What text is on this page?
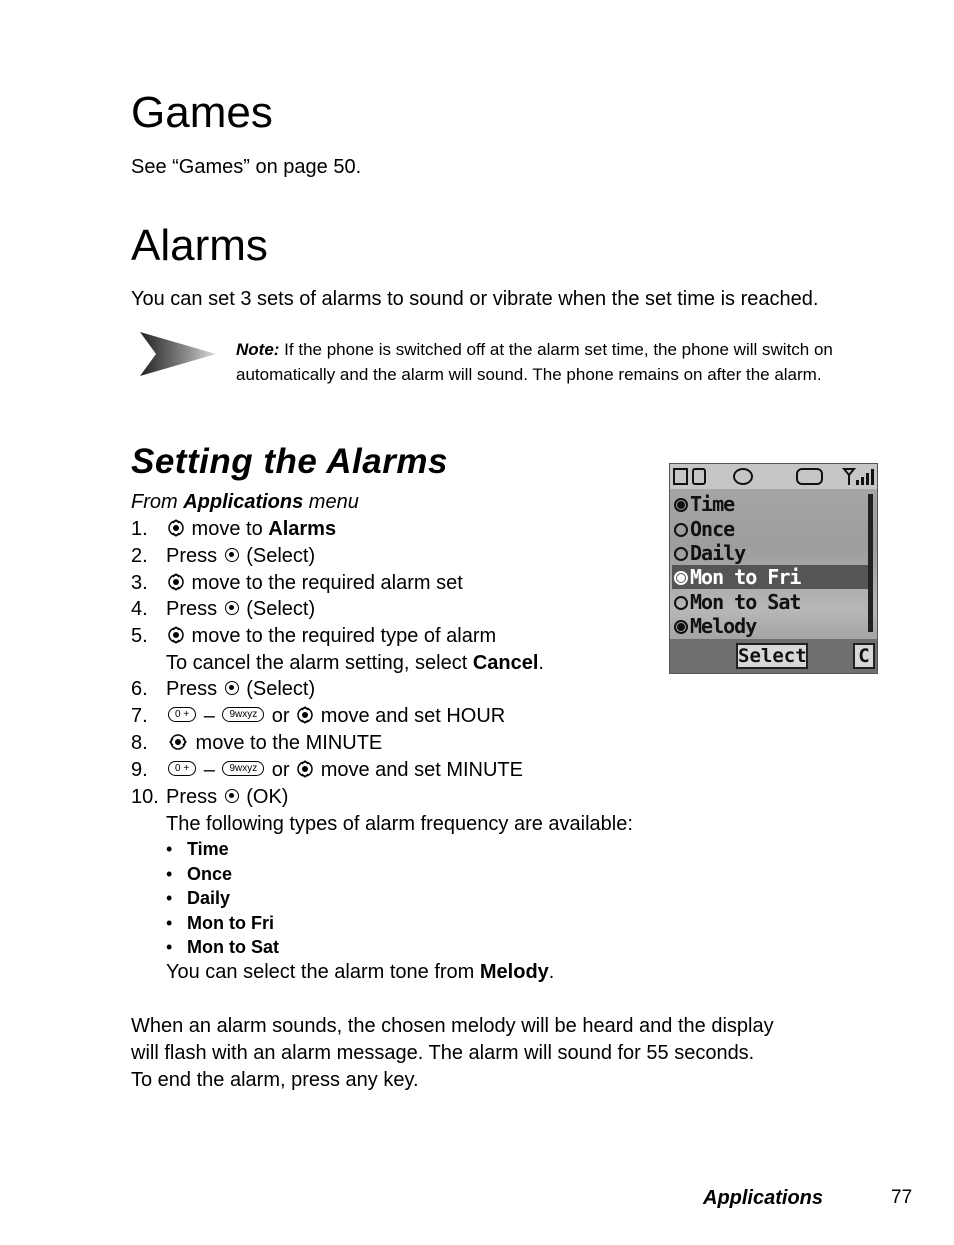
Games
See “Games” on page 50.
Alarms
You can set 3 sets of alarms to sound or vibrate when the set time is reached.
Note: If the phone is switched off at the alarm set time, the phone will switch on automatically and the alarm will sound. The phone remains on after the alarm.
Setting the Alarms
From Applications menu
1.	move to Alarms
2. Press  (Select)
3.	move to the required alarm set
4. Press  (Select)
5.	move to the required type of alarm
To cancel the alarm setting, select Cancel.
6. Press  (Select)
7.	0 + – 9wxyz or  move and set HOUR
8.	move to the MINUTE
9.	0 + – 9wxyz or  move and set MINUTE
10. Press  (OK)
The following types of alarm frequency are available:
• Time
• Once
• Daily
• Mon to Fri
• Mon to Sat
You can select the alarm tone from Melody.
When an alarm sounds, the chosen melody will be heard and the display
will flash with an alarm message. The alarm will sound for 55 seconds.
To end the alarm, press any key.
Time
Once
Daily
Mon to Fri
Mon to Sat
Melody
Select	C
Applications	77
